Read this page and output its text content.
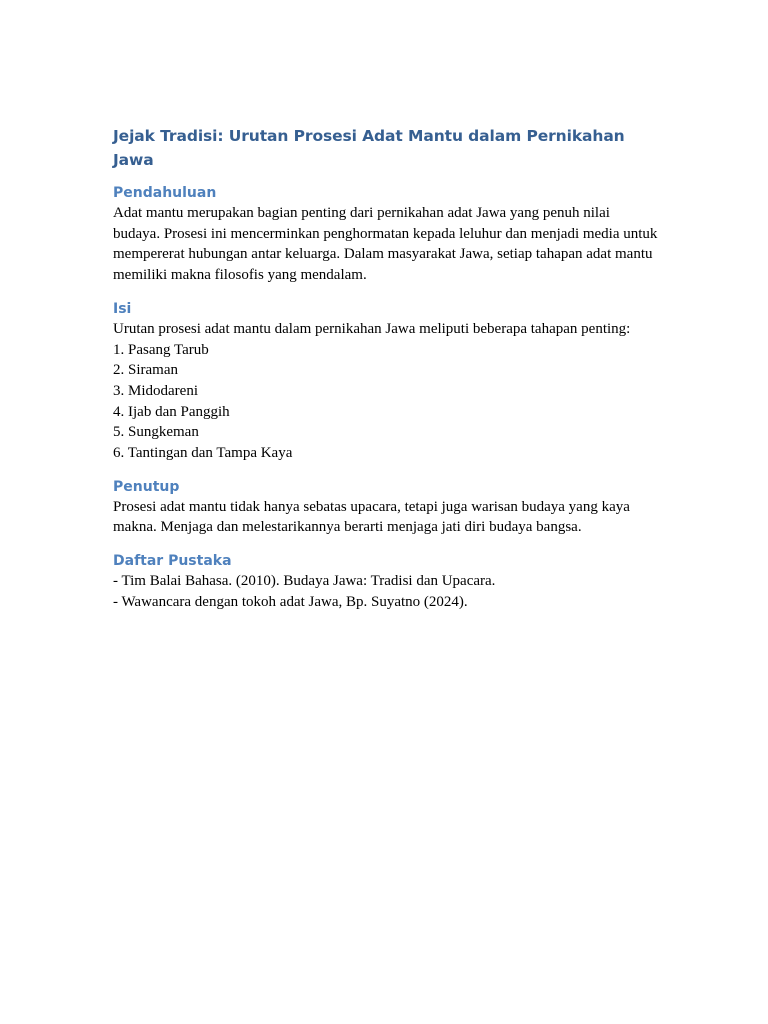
Jejak Tradisi: Urutan Prosesi Adat Mantu dalam Pernikahan Jawa
Pendahuluan

Adat mantu merupakan bagian penting dari pernikahan adat Jawa yang penuh nilai budaya. Prosesi ini mencerminkan penghormatan kepada leluhur dan menjadi media untuk mempererat hubungan antar keluarga. Dalam masyarakat Jawa, setiap tahapan adat mantu memiliki makna filosofis yang mendalam.

Isi

Urutan prosesi adat mantu dalam pernikahan Jawa meliputi beberapa tahapan penting:

1. Pasang Tarub

2. Siraman

3. Midodareni

4. Ijab dan Panggih

5. Sungkeman

6. Tantingan dan Tampa Kaya

Penutup

Prosesi adat mantu tidak hanya sebatas upacara, tetapi juga warisan budaya yang kaya makna. Menjaga dan melestarikannya berarti menjaga jati diri budaya bangsa.

Daftar Pustaka

- Tim Balai Bahasa. (2010). Budaya Jawa: Tradisi dan Upacara.

- Wawancara dengan tokoh adat Jawa, Bp. Suyatno (2024).
